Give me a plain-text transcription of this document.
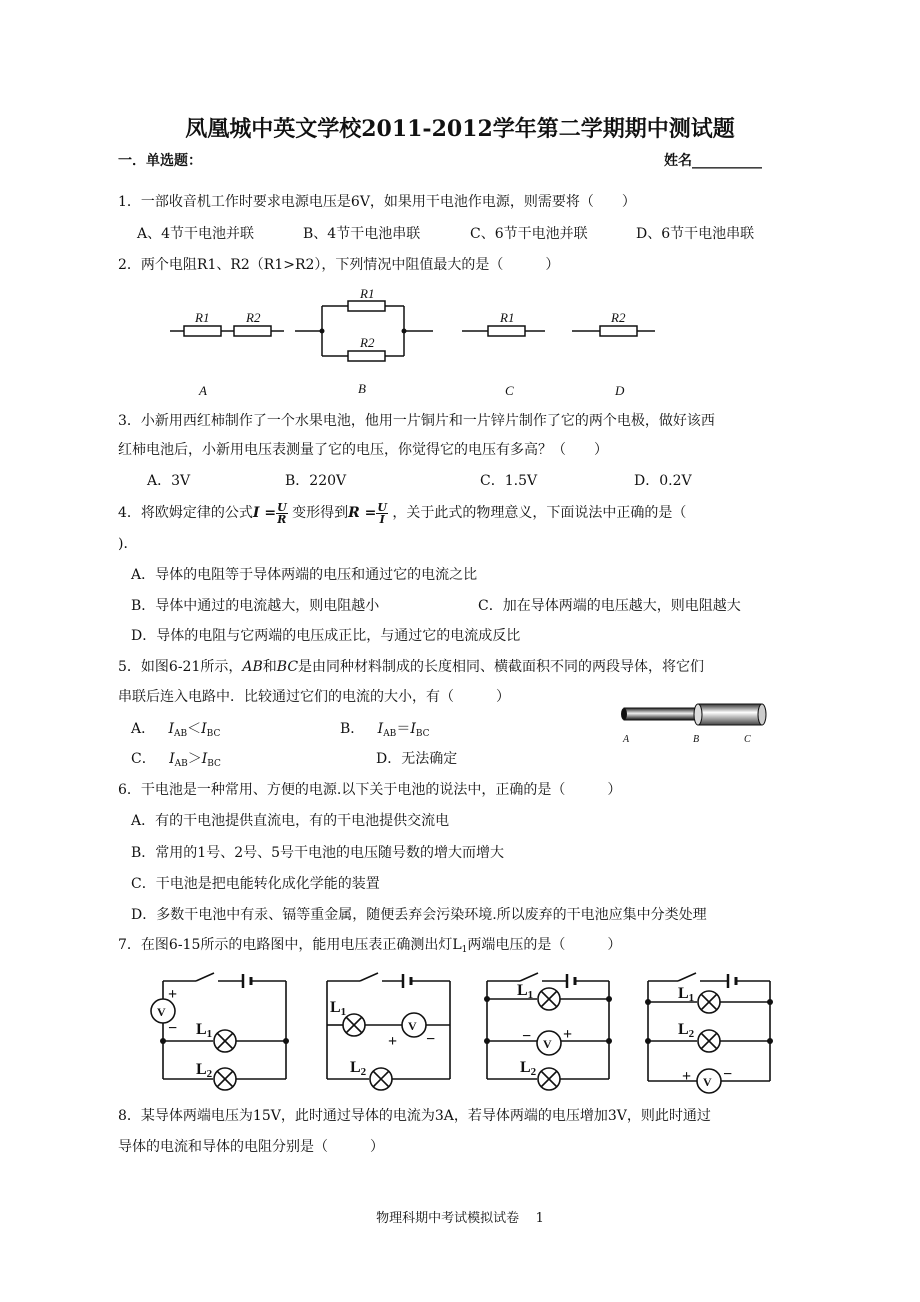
凤凰城中英文学校2011-2012学年第二学期期中测试题
一．单选题：	姓名__________
1．一部收音机工作时要求电源电压是6V，如果用干电池作电源，则需要将（　　）
A、4节干电池并联	B、4节干电池串联	C、6节干电池并联	D、6节干电池串联
2．两个电阻R1、R2（R1>R2），下列情况中阻值最大的是（　　　）
R1	R2
R1
R2
R1	R2
A	B	C	D
3．小新用西红柿制作了一个水果电池，他用一片铜片和一片锌片制作了它的两个电极，做好该西
红柿电池后，小新用电压表测量了它的电压，你觉得它的电压有多高？（　　）
A．3V	B．220V	C．1.5V	D．0.2V
4．将欧姆定律的公式$I = \frac{U}{R}$ 变形得到$R = \frac{U}{I}$ ，关于此式的物理意义，下面说法中正确的是（
)．
A．导体的电阻等于导体两端的电压和通过它的电流之比
B．导体中通过的电流越大，则电阻越小	C．加在导体两端的电压越大，则电阻越大
D．导体的电阻与它两端的电压成正比，与通过它的电流成反比
5．如图6-21所示，AB和BC是由同种材料制成的长度相同、横截面积不同的两段导体，将它们
串联后连入电路中．比较通过它们的电流的大小，有（　　　）
A． $I_{AB}<I_{BC}$	B． $I_{AB}=I_{BC}$
C． $I_{AB}>I_{BC}$	D．无法确定
A	B	C
6．干电池是一种常用、方便的电源.以下关于电池的说法中，正确的是（　　　）
A．有的干电池提供直流电，有的干电池提供交流电
B．常用的1号、2号、5号干电池的电压随号数的增大而增大
C．干电池是把电能转化成化学能的装置
D．多数干电池中有汞、镉等重金属，随便丢弃会污染环境.所以废弃的干电池应集中分类处理
7．在图6-15所示的电路图中，能用电压表正确测出灯$L_1$两端电压的是（　　　）
V
+
− L1
L2
L1
V
+ −
L2
L1
V
− +
L2
L1
L2
V
+ −
8．某导体两端电压为15V，此时通过导体的电流为3A，若导体两端的电压增加3V，则此时通过
导体的电流和导体的电阻分别是（　　　）
物理科期中考试模拟试卷 1
